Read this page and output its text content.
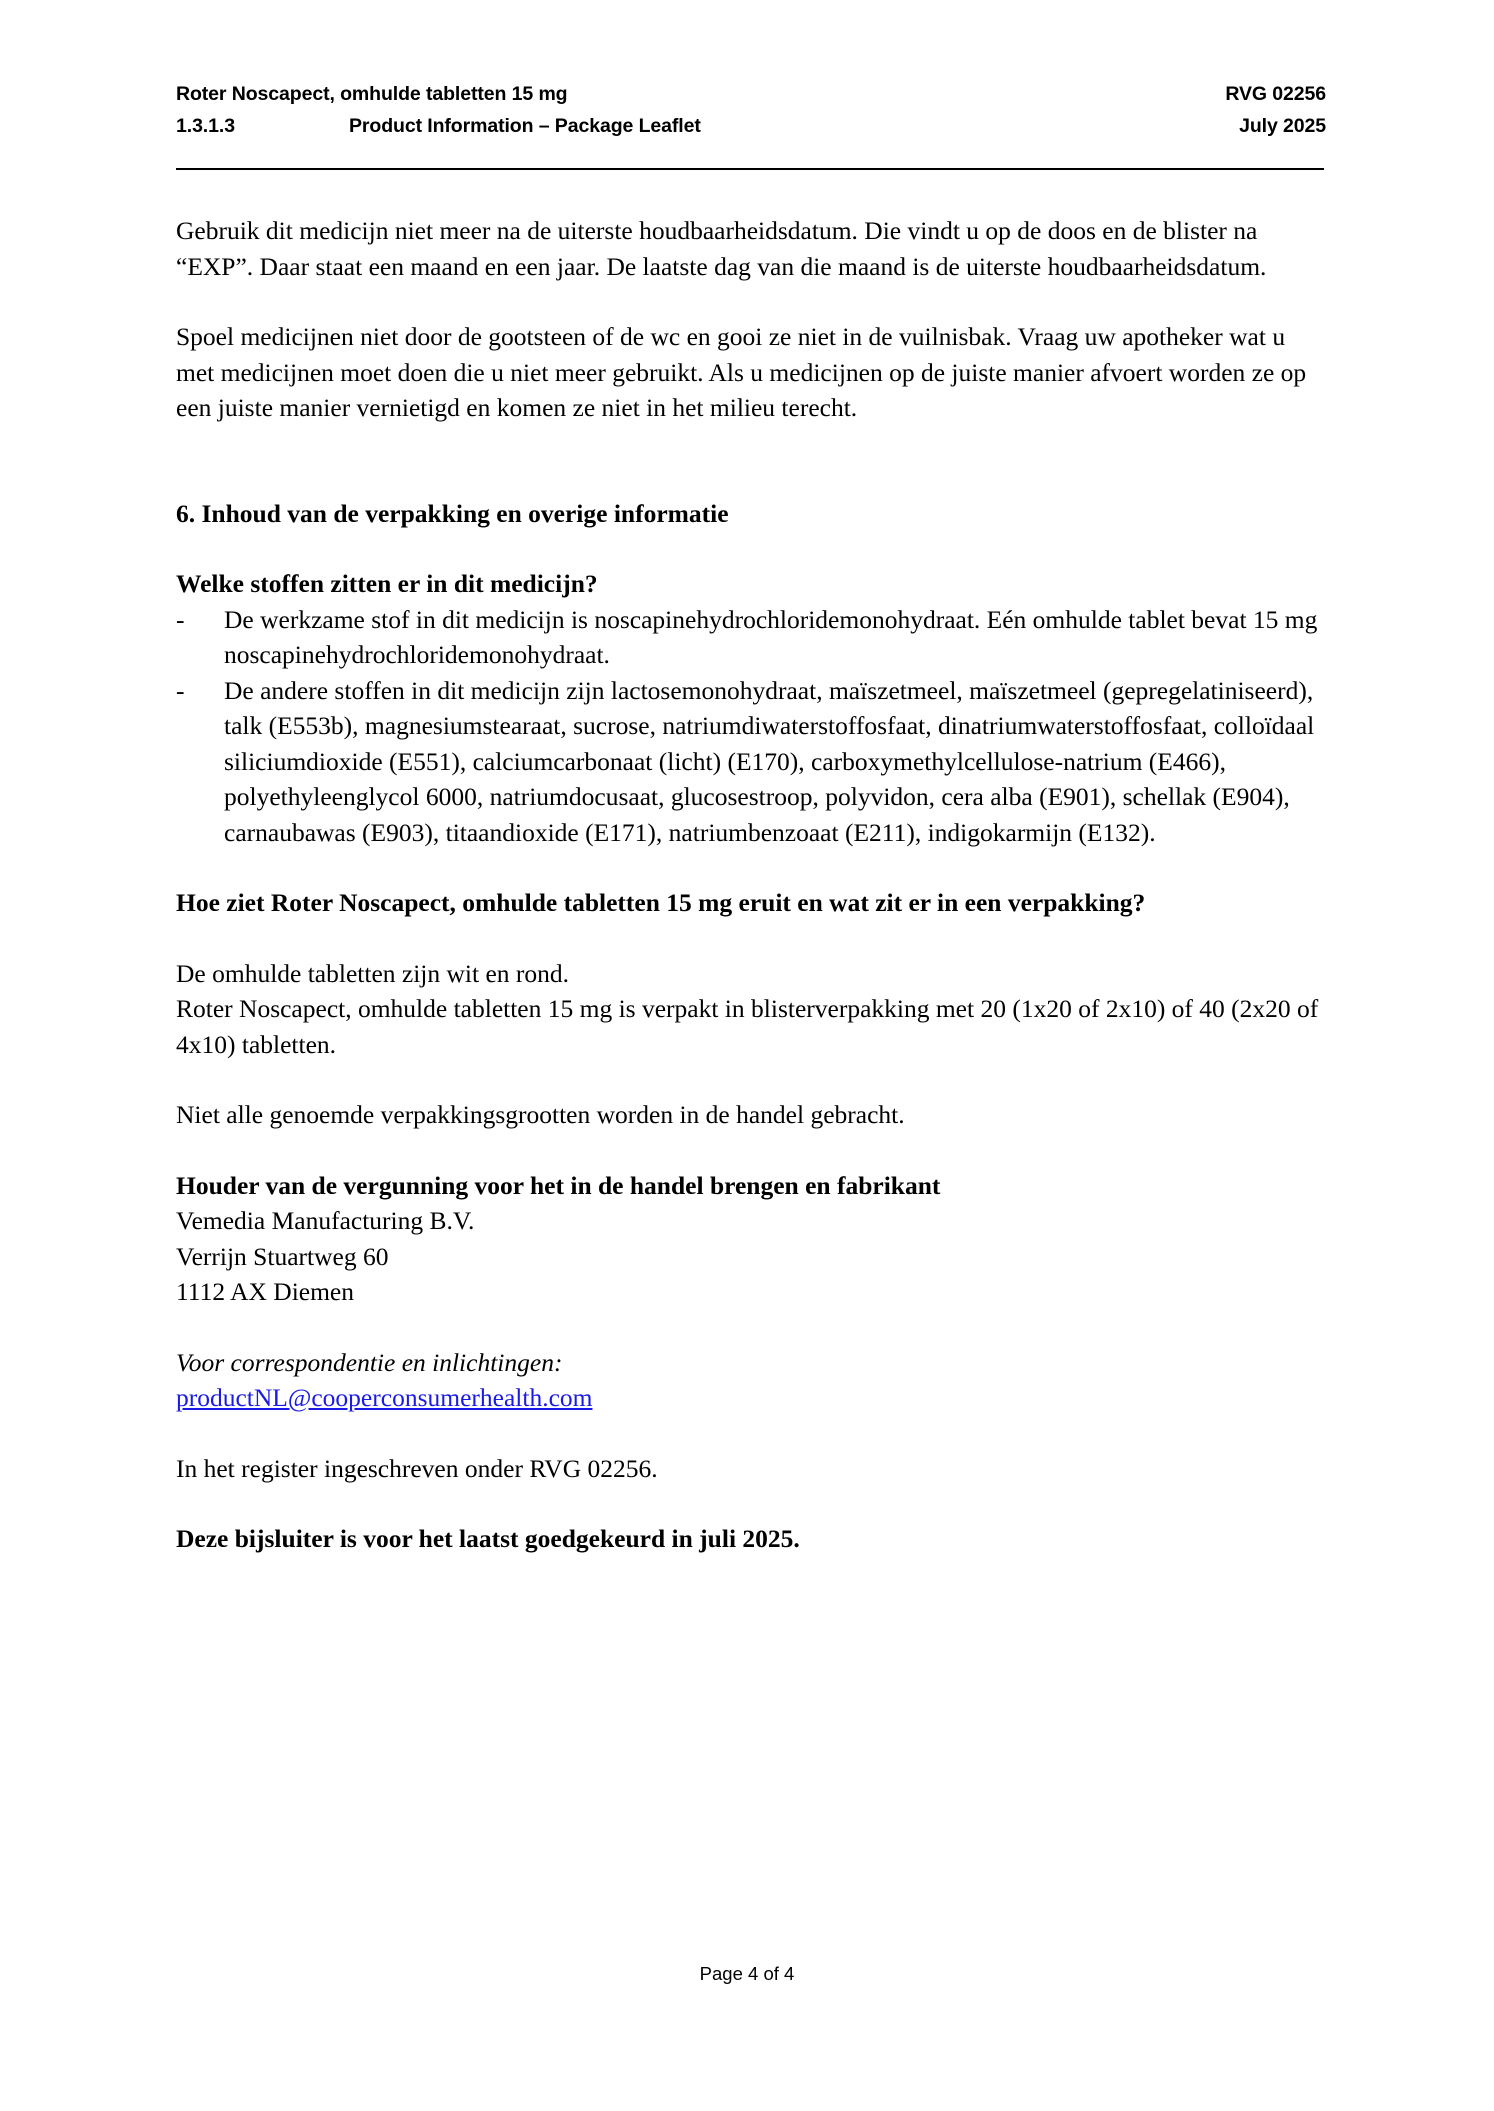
Roter Noscapect, omhulde tabletten 15 mg	RVG 02256
1.3.1.3	Product Information – Package Leaflet	July 2025

Gebruik dit medicijn niet meer na de uiterste houdbaarheidsdatum. Die vindt u op de doos en de blister na “EXP”. Daar staat een maand en een jaar. De laatste dag van die maand is de uiterste houdbaarheidsdatum.

Spoel medicijnen niet door de gootsteen of de wc en gooi ze niet in de vuilnisbak. Vraag uw apotheker wat u met medicijnen moet doen die u niet meer gebruikt. Als u medicijnen op de juiste manier afvoert worden ze op een juiste manier vernietigd en komen ze niet in het milieu terecht.

6. Inhoud van de verpakking en overige informatie

Welke stoffen zitten er in dit medicijn?

- De werkzame stof in dit medicijn is noscapinehydrochloridemonohydraat. Eén omhulde tablet bevat 15 mg noscapinehydrochloridemonohydraat.
- De andere stoffen in dit medicijn zijn lactosemonohydraat, maïszetmeel, maïszetmeel (gepregelatiniseerd), talk (E553b), magnesiumstearaat, sucrose, natriumdiwaterstoffosfaat, dinatriumwaterstoffosfaat, colloïdaal siliciumdioxide (E551), calciumcarbonaat (licht) (E170), carboxymethylcellulose-natrium (E466), polyethyleenglycol 6000, natriumdocusaat, glucosestroop, polyvidon, cera alba (E901), schellak (E904), carnaubawas (E903), titaandioxide (E171), natriumbenzoaat (E211), indigokarmijn (E132).

Hoe ziet Roter Noscapect, omhulde tabletten 15 mg eruit en wat zit er in een verpakking?

De omhulde tabletten zijn wit en rond.

Roter Noscapect, omhulde tabletten 15 mg is verpakt in blisterverpakking met 20 (1x20 of 2x10) of 40 (2x20 of 4x10) tabletten.

Niet alle genoemde verpakkingsgrootten worden in de handel gebracht.

Houder van de vergunning voor het in de handel brengen en fabrikant

Vemedia Manufacturing B.V.

Verrijn Stuartweg 60

1112 AX Diemen

Voor correspondentie en inlichtingen:

productNL@cooperconsumerhealth.com

In het register ingeschreven onder RVG 02256.

Deze bijsluiter is voor het laatst goedgekeurd in juli 2025.

Page 4 of 4
